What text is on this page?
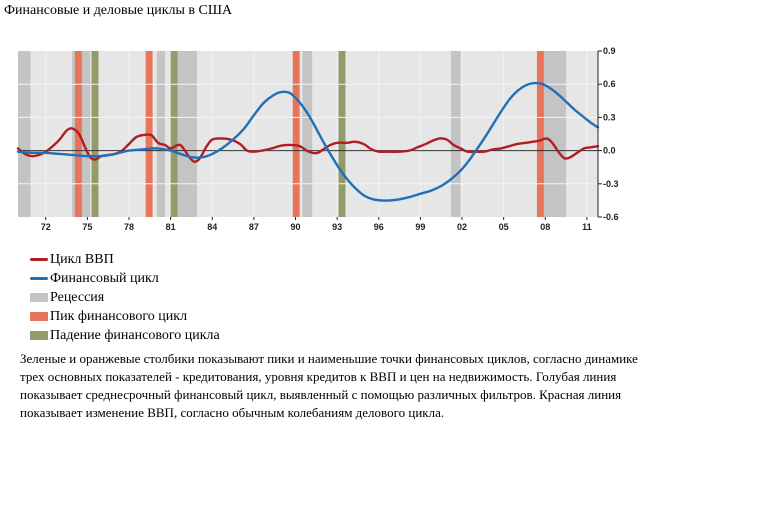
Финансовые и деловые циклы в США
-0.6
-0.3
0.0
0.3
0.6
0.9
72	75	78	81	84	87	90	93	96	99	02	05	08	11
Цикл ВВП
Финансовый цикл
Рецессия
Пик финансового цикл
Падение финансового цикла
Зеленые и оранжевые столбики показывают пики и наименьшие точки финансовых циклов, согласно динамике трех основных показателей - кредитования, уровня кредитов к ВВП и цен на недвижимость. Голубая линия показывает среднесрочный финансовый цикл, выявленный с помощью различных фильтров. Красная линия показывает изменение ВВП, согласно обычным колебаниям делового цикла.
